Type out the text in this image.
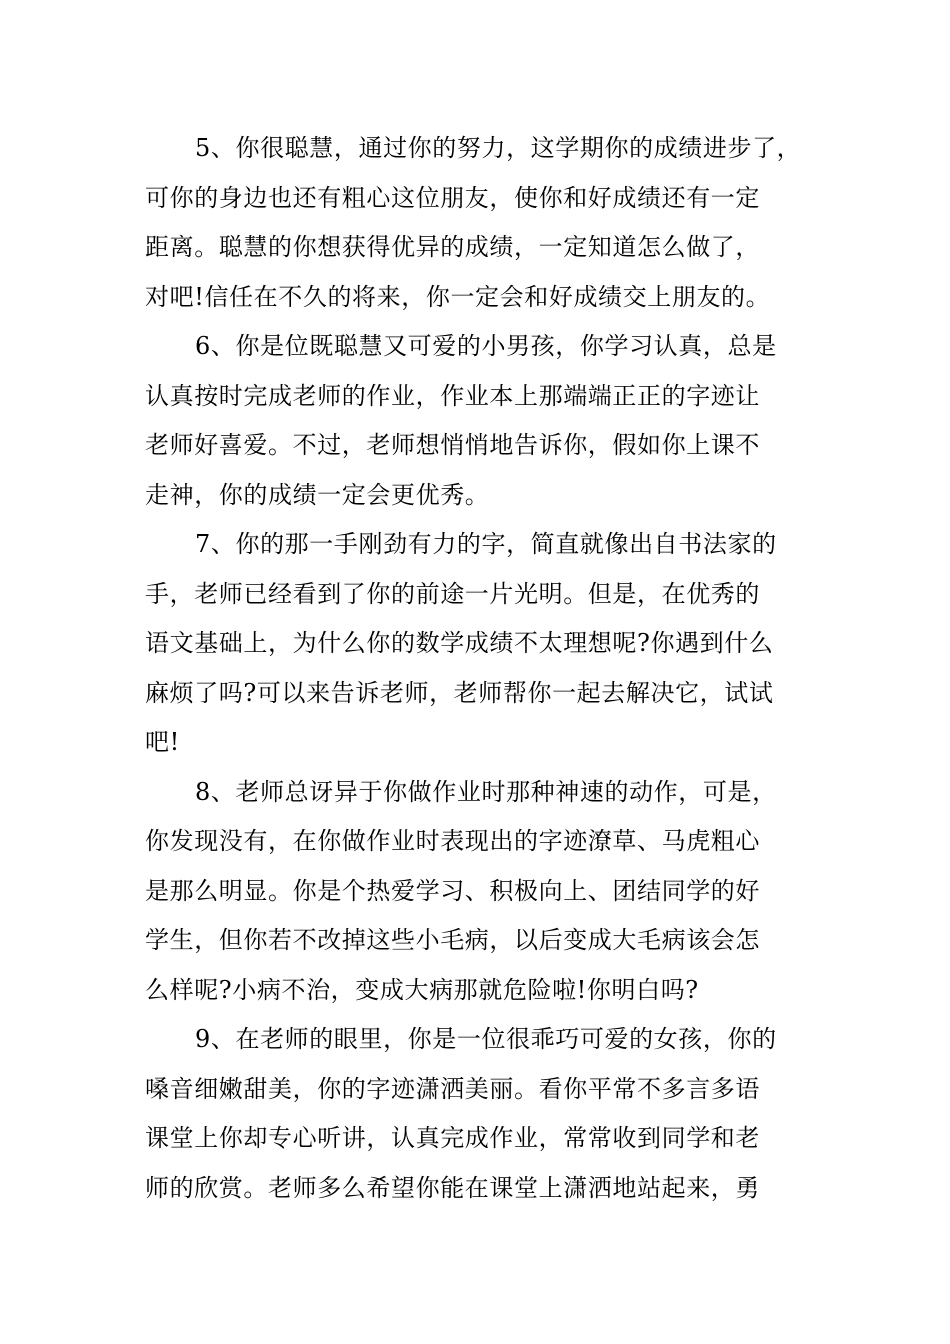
5、你很聪慧，通过你的努力，这学期你的成绩进步了，
可你的身边也还有粗心这位朋友，使你和好成绩还有一定
距离。聪慧的你想获得优异的成绩，一定知道怎么做了，
对吧!信任在不久的将来，你一定会和好成绩交上朋友的。
6、你是位既聪慧又可爱的小男孩，你学习认真，总是
认真按时完成老师的作业，作业本上那端端正正的字迹让
老师好喜爱。不过，老师想悄悄地告诉你，假如你上课不
走神，你的成绩一定会更优秀。
7、你的那一手刚劲有力的字，简直就像出自书法家的
手，老师已经看到了你的前途一片光明。但是，在优秀的
语文基础上，为什么你的数学成绩不太理想呢?你遇到什么
麻烦了吗?可以来告诉老师，老师帮你一起去解决它，试试
吧!
8、老师总讶异于你做作业时那种神速的动作，可是，
你发现没有，在你做作业时表现出的字迹潦草、马虎粗心
是那么明显。你是个热爱学习、积极向上、团结同学的好
学生，但你若不改掉这些小毛病，以后变成大毛病该会怎
么样呢?小病不治，变成大病那就危险啦!你明白吗?
9、在老师的眼里，你是一位很乖巧可爱的女孩，你的
嗓音细嫩甜美，你的字迹潇洒美丽。看你平常不多言多语
课堂上你却专心听讲，认真完成作业，常常收到同学和老
师的欣赏。老师多么希望你能在课堂上潇洒地站起来，勇
